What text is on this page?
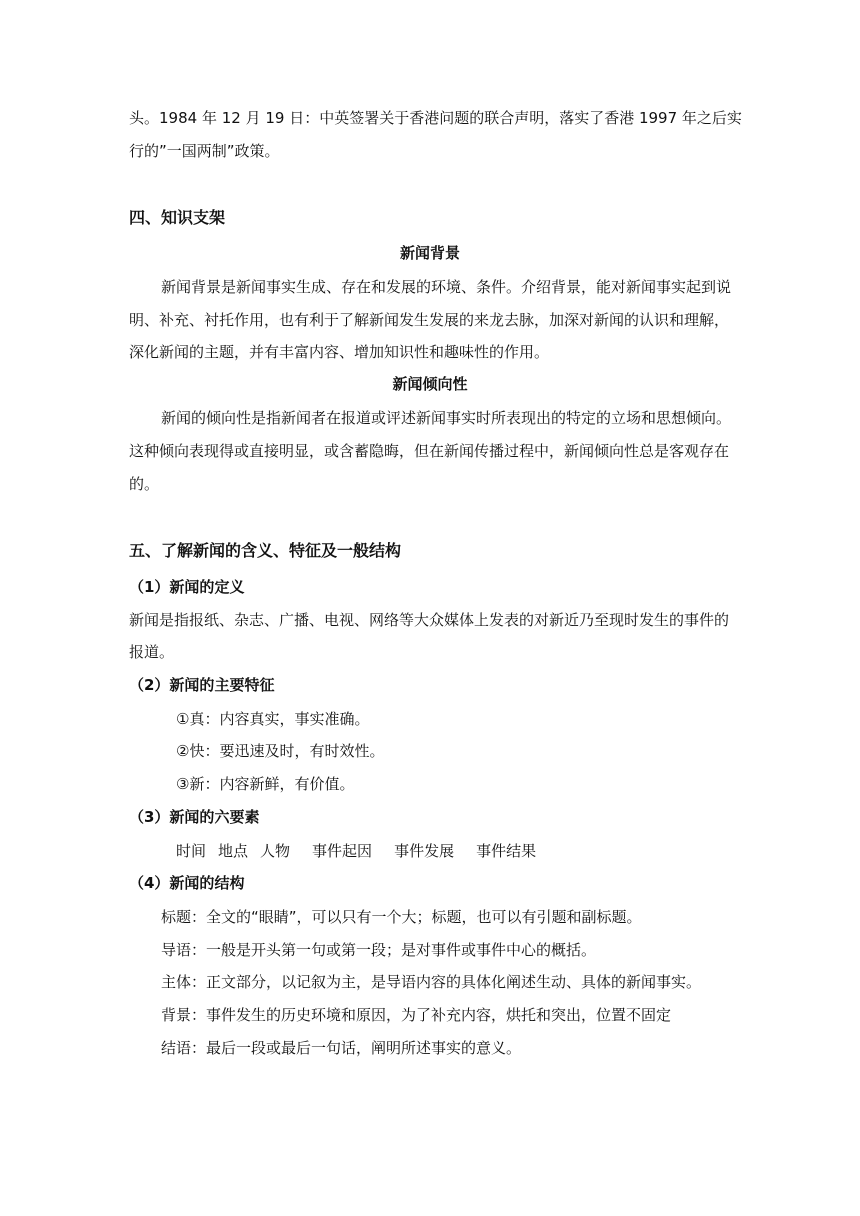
头。1984 年 12 月 19 日：中英签署关于香港问题的联合声明，落实了香港 1997 年之后实
行的”一国两制”政策。
四、知识支架
新闻背景
新闻背景是新闻事实生成、存在和发展的环境、条件。介绍背景，能对新闻事实起到说
明、补充、衬托作用，也有利于了解新闻发生发展的来龙去脉，加深对新闻的认识和理解，
深化新闻的主题，并有丰富内容、增加知识性和趣味性的作用。
新闻倾向性
新闻的倾向性是指新闻者在报道或评述新闻事实时所表现出的特定的立场和思想倾向。
这种倾向表现得或直接明显，或含蓄隐晦，但在新闻传播过程中，新闻倾向性总是客观存在
的。
五、了解新闻的含义、特征及一般结构
（1）新闻的定义
新闻是指报纸、杂志、广播、电视、网络等大众媒体上发表的对新近乃至现时发生的事件的
报道。
（2）新闻的主要特征
①真：内容真实，事实准确。
②快：要迅速及时，有时效性。
③新：内容新鲜，有价值。
（3）新闻的六要素
时间 地点 人物 事件起因 事件发展 事件结果
（4）新闻的结构
标题：全文的“眼睛”，可以只有一个大；标题，也可以有引题和副标题。
导语：一般是开头第一句或第一段；是对事件或事件中心的概括。
主体：正文部分，以记叙为主，是导语内容的具体化阐述生动、具体的新闻事实。
背景：事件发生的历史环境和原因，为了补充内容，烘托和突出，位置不固定
结语：最后一段或最后一句话，阐明所述事实的意义。
